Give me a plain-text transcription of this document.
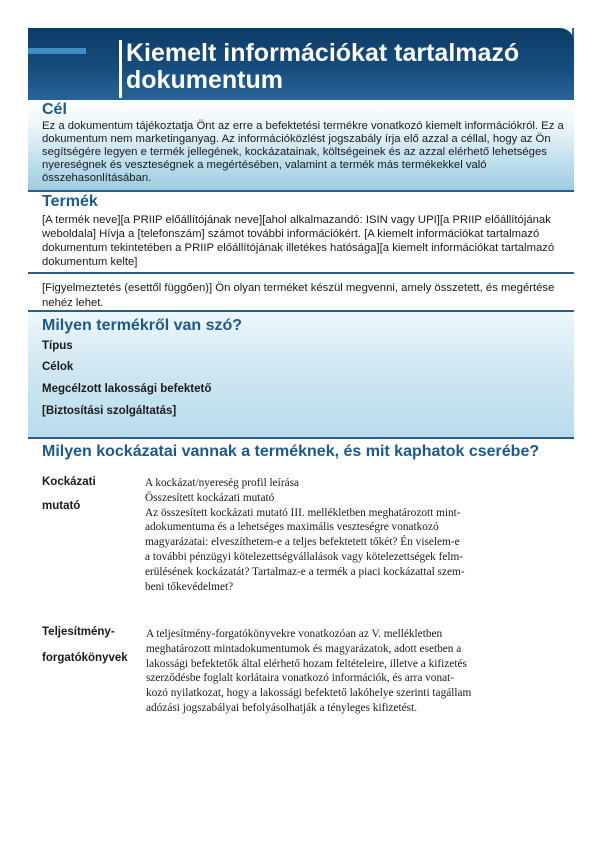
Kiemelt információkat tartalmazó dokumentum
Cél
Ez a dokumentum tájékoztatja Önt az erre a befektetési termékre vonatkozó kiemelt információkról. Ez a dokumentum nem marketinganyag. Az információközlést jogszabály írja elő azzal a céllal, hogy az Ön segítségére legyen e termék jellegének, kockázatainak, költségeinek és az azzal elérhető lehetséges nyereségnek és veszteségnek a megértésében, valamint a termék más termékekkel való összehasonlításában.
Termék
[A termék neve][a PRIIP előállítójának neve][ahol alkalmazandó: ISIN vagy UPI][a PRIIP előállítójának weboldala] Hívja a [telefonszám] számot további információkért. [A kiemelt információkat tartalmazó dokumentum tekintetében a PRIIP előállítójának illetékes hatósága][a kiemelt információkat tartalmazó dokumentum kelte]
[Figyelmeztetés (esettől függően)] Ön olyan terméket készül megvenni, amely összetett, és megértése nehéz lehet.
Milyen termékről van szó?
Típus
Célok
Megcélzott lakossági befektető
[Biztosítási szolgáltatás]
Milyen kockázatai vannak a terméknek, és mit kaphatok cserébe?
Kockázati
mutató
A kockázat/nyereség profil leírása
Összesített kockázati mutató
Az összesített kockázati mutató III. mellékletben meghatározott mint-
adokumentuma és a lehetséges maximális veszteségre vonatkozó
magyarázatai: elveszíthetem-e a teljes befektetett tőkét? Én viselem-e
a további pénzügyi kötelezettségvállalások vagy kötelezettségek felm-
erülésének kockázatát? Tartalmaz-e a termék a piaci kockázattal szem-
beni tőkevédelmet?
Teljesítmény-
forgatókönyvek
A teljesítmény-forgatókönyvekre vonatkozóan az V. mellékletben
meghatározott mintadokumentumok és magyarázatok, adott esetben a
lakossági befektetők által elérhető hozam feltételeire, illetve a kifizetés
szerződésbe foglalt korlátaira vonatkozó információk, és arra vonat-
kozó nyilatkozat, hogy a lakossági befektető lakóhelye szerinti tagállam
adózási jogszabályai befolyásolhatják a tényleges kifizetést.
